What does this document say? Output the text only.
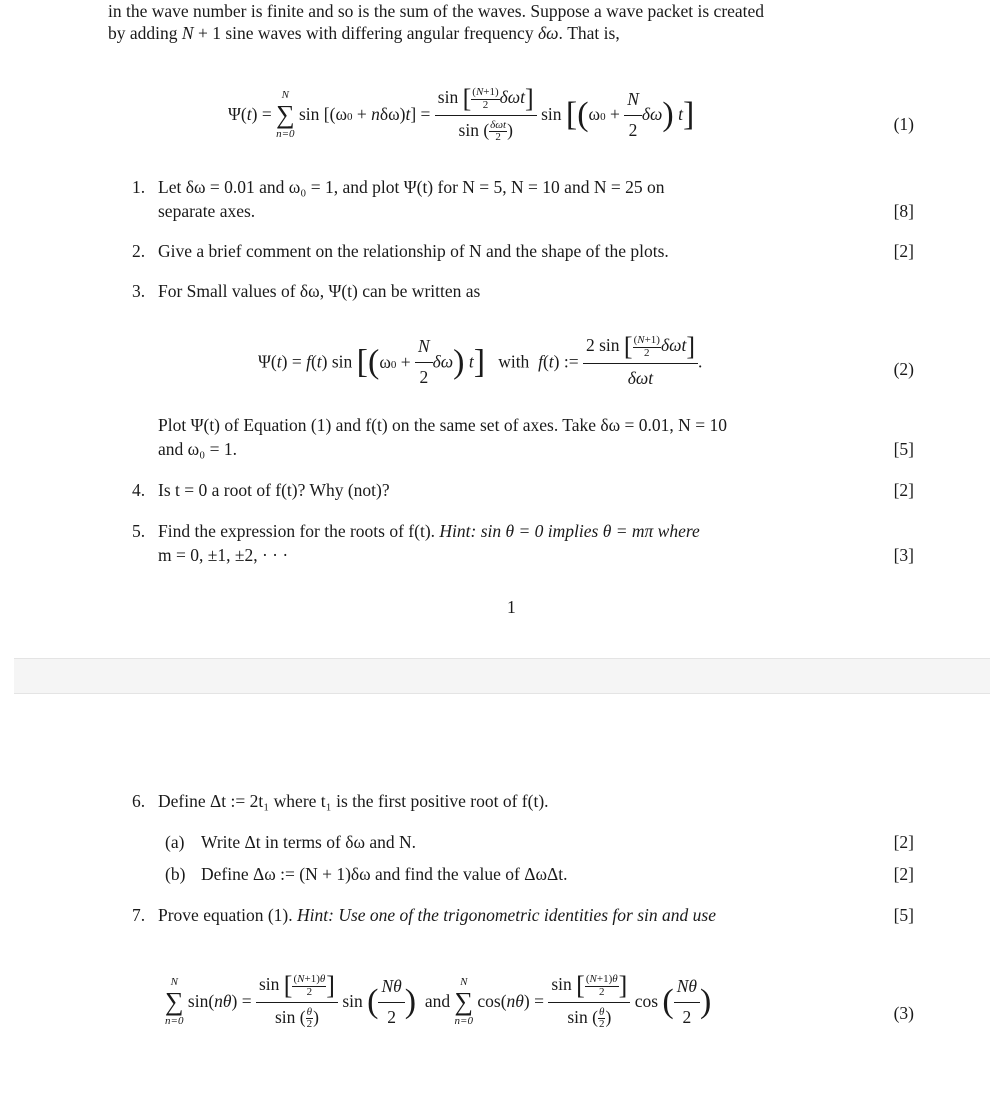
in the wave number is finite and so is the sum of the waves. Suppose a wave packet is created
by adding N + 1 sine waves with differing angular frequency δω. That is,
Ψ(t) =
N
∑
n=0
$\sin [(\omega 0 + n\delta\omega)t] = \frac{\sin [ \frac{(N+1)}{2} \delta\omega t]}{\sin ( \frac{\text{δωt}}{2} )}$ $\sin [(\omega 0 + \frac{N}{2} \delta\omega)$ t]	(1)
1. Let δω = 0.01 and ω₀ = 1, and plot Ψ(t) for N = 5, N = 10 and N = 25 on
separate axes.	[8]
2. Give a brief comment on the relationship of N and the shape of the plots.	[2]
3. For Small values of δω, Ψ(t) can be written as
Ψ(t) = f(t) $\sin [(\omega 0 + \frac{N}{2} \delta\omega)$ t] with f(t) := $\frac{2 \sin [ \frac{(N+1)}{2} \delta\omega t]}{\text{δωt}}$ .	(2)
Plot Ψ(t) of Equation (1) and f(t) on the same set of axes. Take δω = 0.01, N = 10
and ω₀ = 1.	[5]
4. Is t = 0 a root of f(t)? Why (not)?	[2]
5. Find the expression for the roots of f(t). Hint: sin θ = 0 implies θ = mπ where
m = 0, ±1, ±2, · · ·	[3]
1
6. Define Δt := 2t₁ where t₁ is the first positive root of f(t).
(a) Write Δt in terms of δω and N.	[2]
(b) Define Δω := (N + 1)δω and find the value of ΔωΔt.	[2]
7. Prove equation (1). Hint: Use one of the trigonometric identities for sin and use	[5]
N
∑
n=0
$\sin(n\theta) = \frac{\sin [ \frac{(N+1)\theta}{2} ]}{\sin ( \frac{\theta}{2} )}$ sin ( $\frac{N\theta}{2}$ ) and
N
∑
n=0
$\cos(n\theta) = \frac{\sin [ \frac{(N+1)\theta}{2} ]}{\sin ( \frac{\theta}{2} )}$ cos ( $\frac{N\theta}{2}$ )	(3)
